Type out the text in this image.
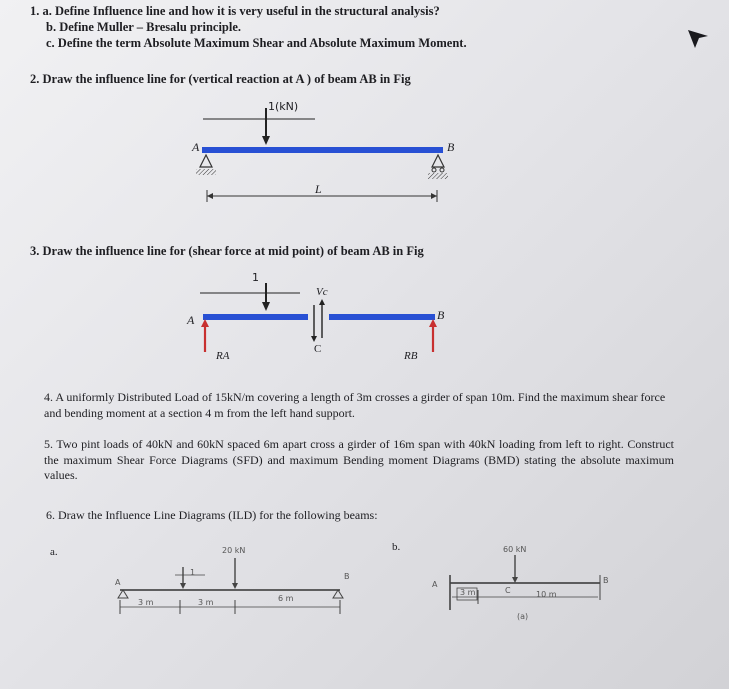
1. a. Define Influence line and how it is very useful in the structural analysis?
b. Define Muller – Bresalu principle.
c. Define the term Absolute Maximum Shear and Absolute Maximum Moment.
2. Draw the influence line for (vertical reaction at A ) of beam AB in Fig
3. Draw the influence line for (shear force at mid point) of beam AB in Fig
4. A uniformly Distributed Load of 15kN/m covering a length of 3m crosses a girder of span 10m. Find the maximum shear force and bending moment at a section 4 m from the left hand support.
5. Two pint loads of 40kN and 60kN spaced 6m apart cross a girder of 16m span with 40kN loading from left to right. Construct the maximum Shear Force Diagrams (SFD) and maximum Bending moment Diagrams (BMD) stating the absolute maximum values.
6. Draw the Influence Line Diagrams (ILD) for the following beams:
a.	b.
1(kN)
A	B
L
1
Vc
A	B
C
RA	RB
20 kN
A
B
1
3 m	3 m	6 m
60 kN
A	B
C
3 m	10 m
(a)
